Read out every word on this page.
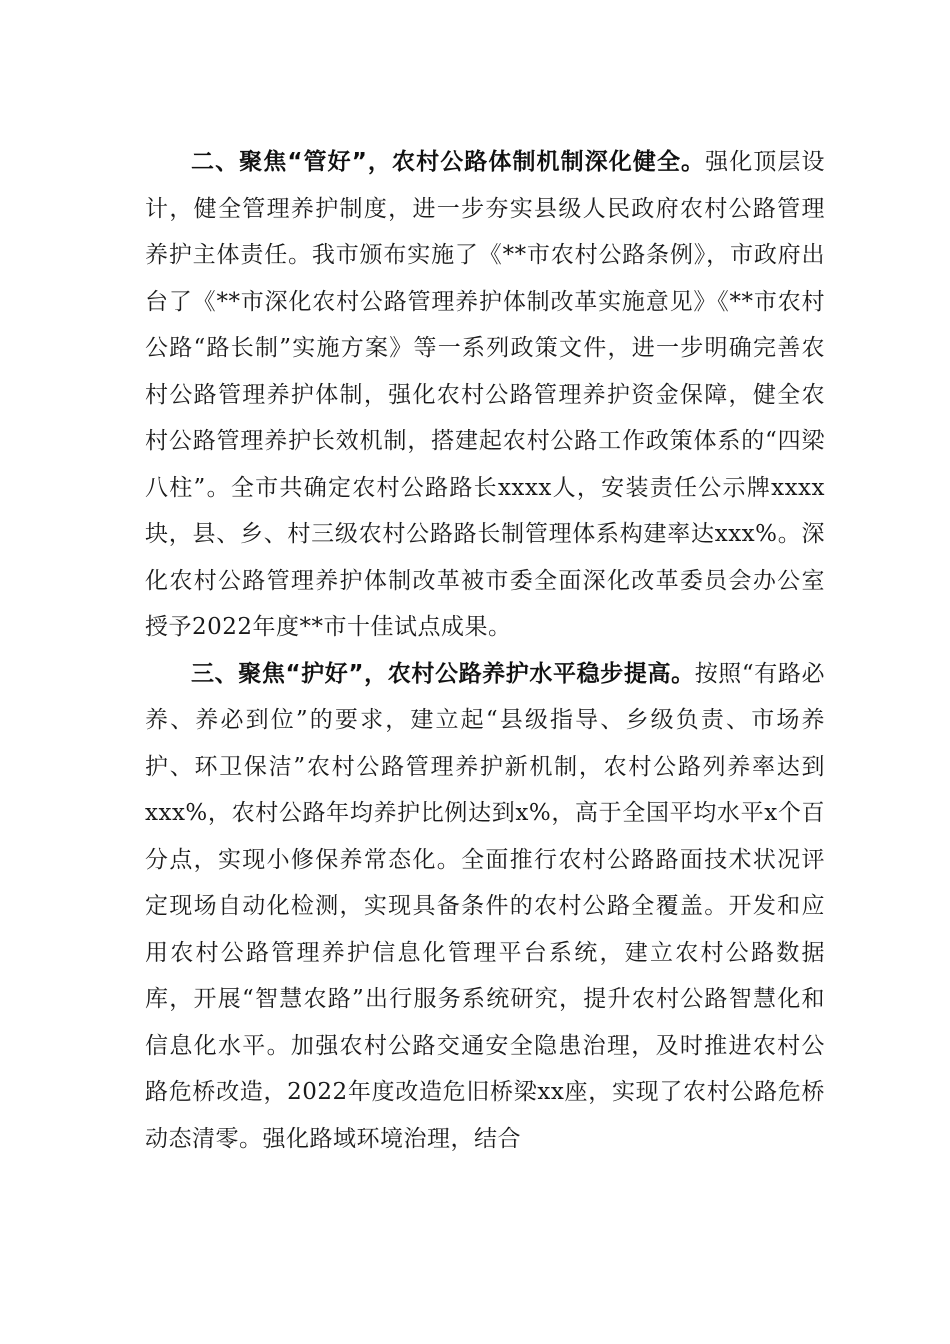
二、聚焦“管好”，农村公路体制机制深化健全。强化顶层设计，健全管理养护制度，进一步夯实县级人民政府农村公路管理养护主体责任。我市颁布实施了《**市农村公路条例》，市政府出台了《**市深化农村公路管理养护体制改革实施意见》《**市农村公路“路长制”实施方案》等一系列政策文件，进一步明确完善农村公路管理养护体制，强化农村公路管理养护资金保障，健全农村公路管理养护长效机制，搭建起农村公路工作政策体系的“四梁八柱”。全市共确定农村公路路长xxxx人，安装责任公示牌xxxx块，县、乡、村三级农村公路路长制管理体系构建率达xxx%。深化农村公路管理养护体制改革被市委全面深化改革委员会办公室授予2022年度**市十佳试点成果。

三、聚焦“护好”，农村公路养护水平稳步提高。按照“有路必养、养必到位”的要求，建立起“县级指导、乡级负责、市场养护、环卫保洁”农村公路管理养护新机制，农村公路列养率达到xxx%，农村公路年均养护比例达到x%，高于全国平均水平x个百分点，实现小修保养常态化。全面推行农村公路路面技术状况评定现场自动化检测，实现具备条件的农村公路全覆盖。开发和应用农村公路管理养护信息化管理平台系统，建立农村公路数据库，开展“智慧农路”出行服务系统研究，提升农村公路智慧化和信息化水平。加强农村公路交通安全隐患治理，及时推进农村公路危桥改造，2022年度改造危旧桥梁xx座，实现了农村公路危桥动态清零。强化路域环境治理，结合
